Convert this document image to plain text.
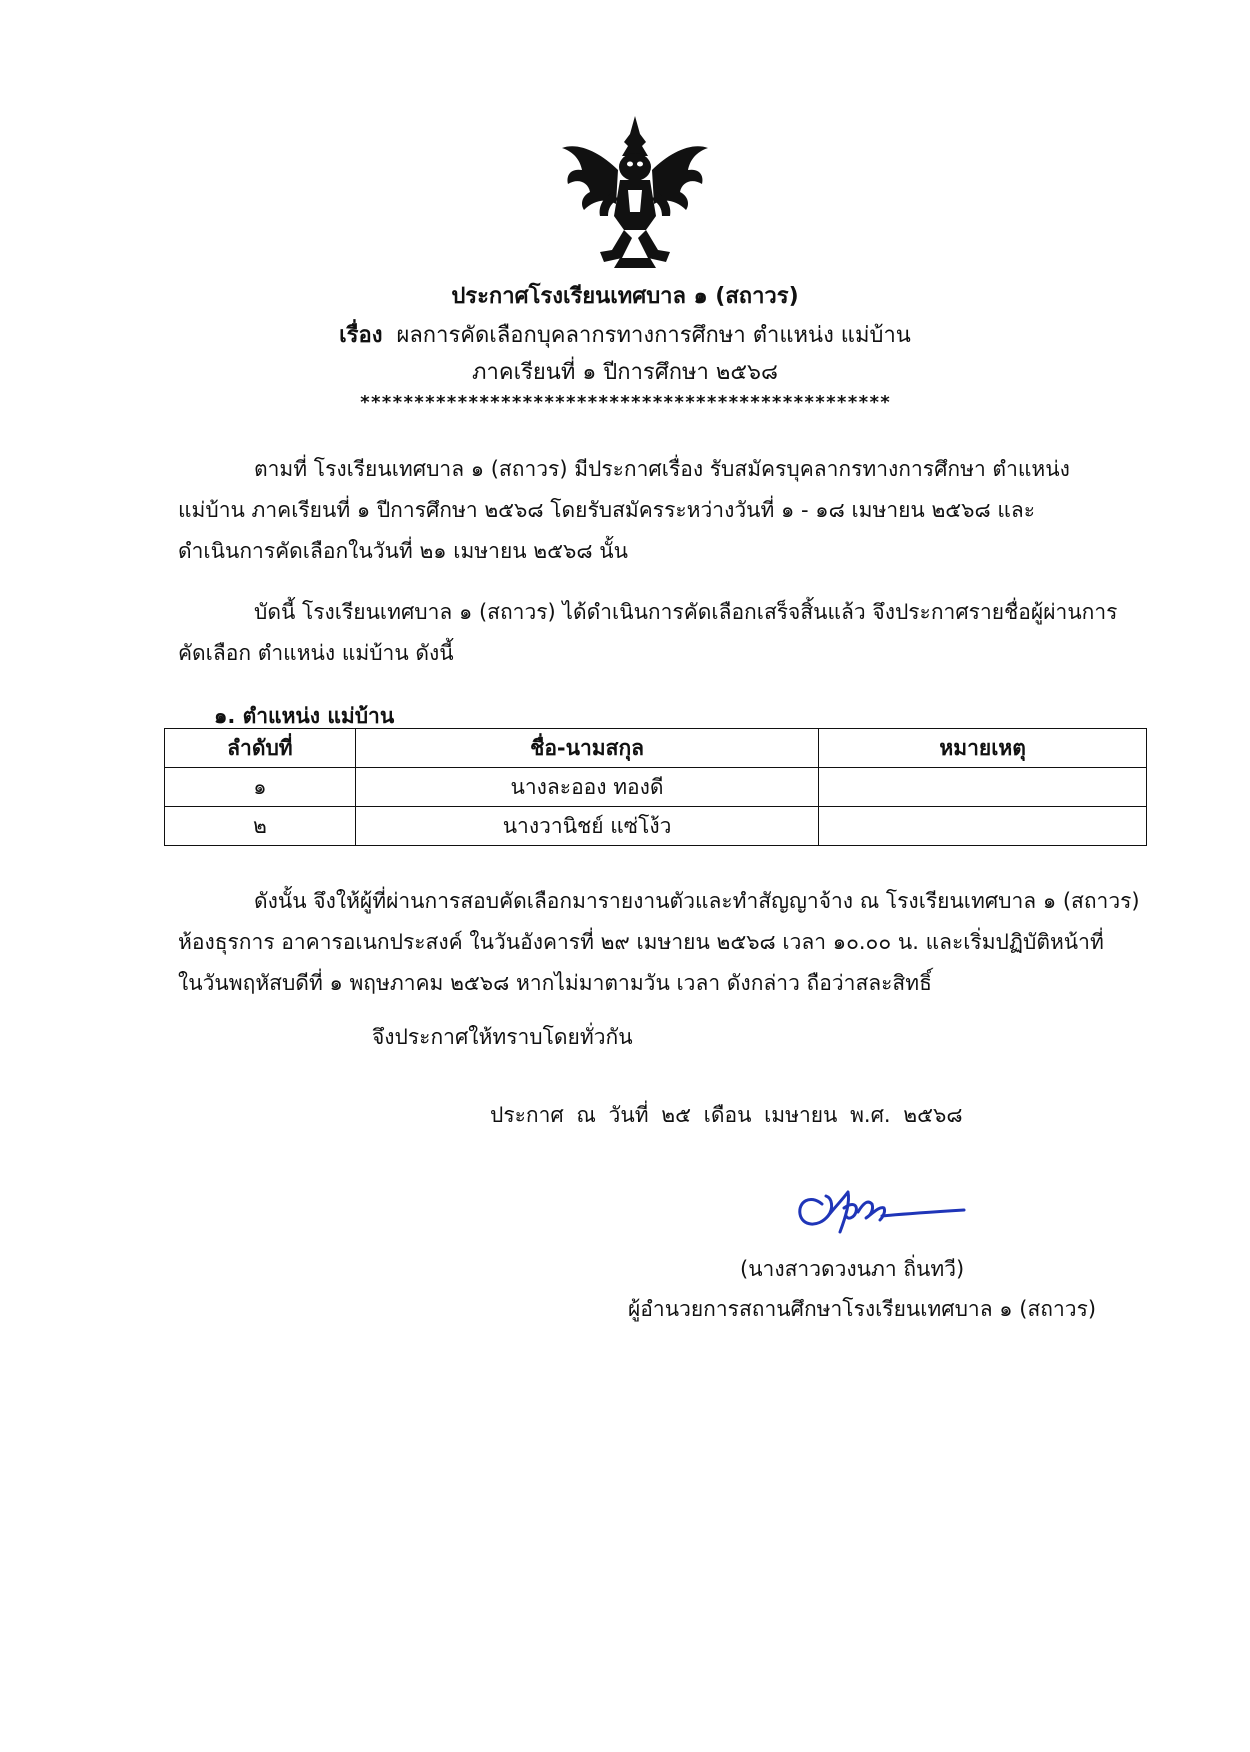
ประกาศโรงเรียนเทศบาล ๑ (สถาวร)
เรื่อง ผลการคัดเลือกบุคลากรทางการศึกษา ตำแหน่ง แม่บ้าน
ภาคเรียนที่ ๑ ปีการศึกษา ๒๕๖๘
*************************************************
ตามที่ โรงเรียนเทศบาล ๑ (สถาวร) มีประกาศเรื่อง รับสมัครบุคลากรทางการศึกษา ตำแหน่ง
แม่บ้าน ภาคเรียนที่ ๑ ปีการศึกษา ๒๕๖๘ โดยรับสมัครระหว่างวันที่ ๑ - ๑๘ เมษายน ๒๕๖๘ และ
ดำเนินการคัดเลือกในวันที่ ๒๑ เมษายน ๒๕๖๘ นั้น
บัดนี้ โรงเรียนเทศบาล ๑ (สถาวร) ได้ดำเนินการคัดเลือกเสร็จสิ้นแล้ว จึงประกาศรายชื่อผู้ผ่านการ
คัดเลือก ตำแหน่ง แม่บ้าน ดังนี้
๑. ตำแหน่ง แม่บ้าน
ลำดับที่	ชื่อ-นามสกุล	หมายเหตุ
๑	นางละออง ทองดี	
๒	นางวานิชย์ แซ่โง้ว	
ดังนั้น จึงให้ผู้ที่ผ่านการสอบคัดเลือกมารายงานตัวและทำสัญญาจ้าง ณ โรงเรียนเทศบาล ๑ (สถาวร)
ห้องธุรการ อาคารอเนกประสงค์ ในวันอังคารที่ ๒๙ เมษายน ๒๕๖๘ เวลา ๑๐.๐๐ น. และเริ่มปฏิบัติหน้าที่
ในวันพฤหัสบดีที่ ๑ พฤษภาคม ๒๕๖๘ หากไม่มาตามวัน เวลา ดังกล่าว ถือว่าสละสิทธิ์
จึงประกาศให้ทราบโดยทั่วกัน
ประกาศ ณ วันที่ ๒๕ เดือน เมษายน พ.ศ. ๒๕๖๘
(นางสาวดวงนภา ถิ่นทวี)
ผู้อำนวยการสถานศึกษาโรงเรียนเทศบาล ๑ (สถาวร)
